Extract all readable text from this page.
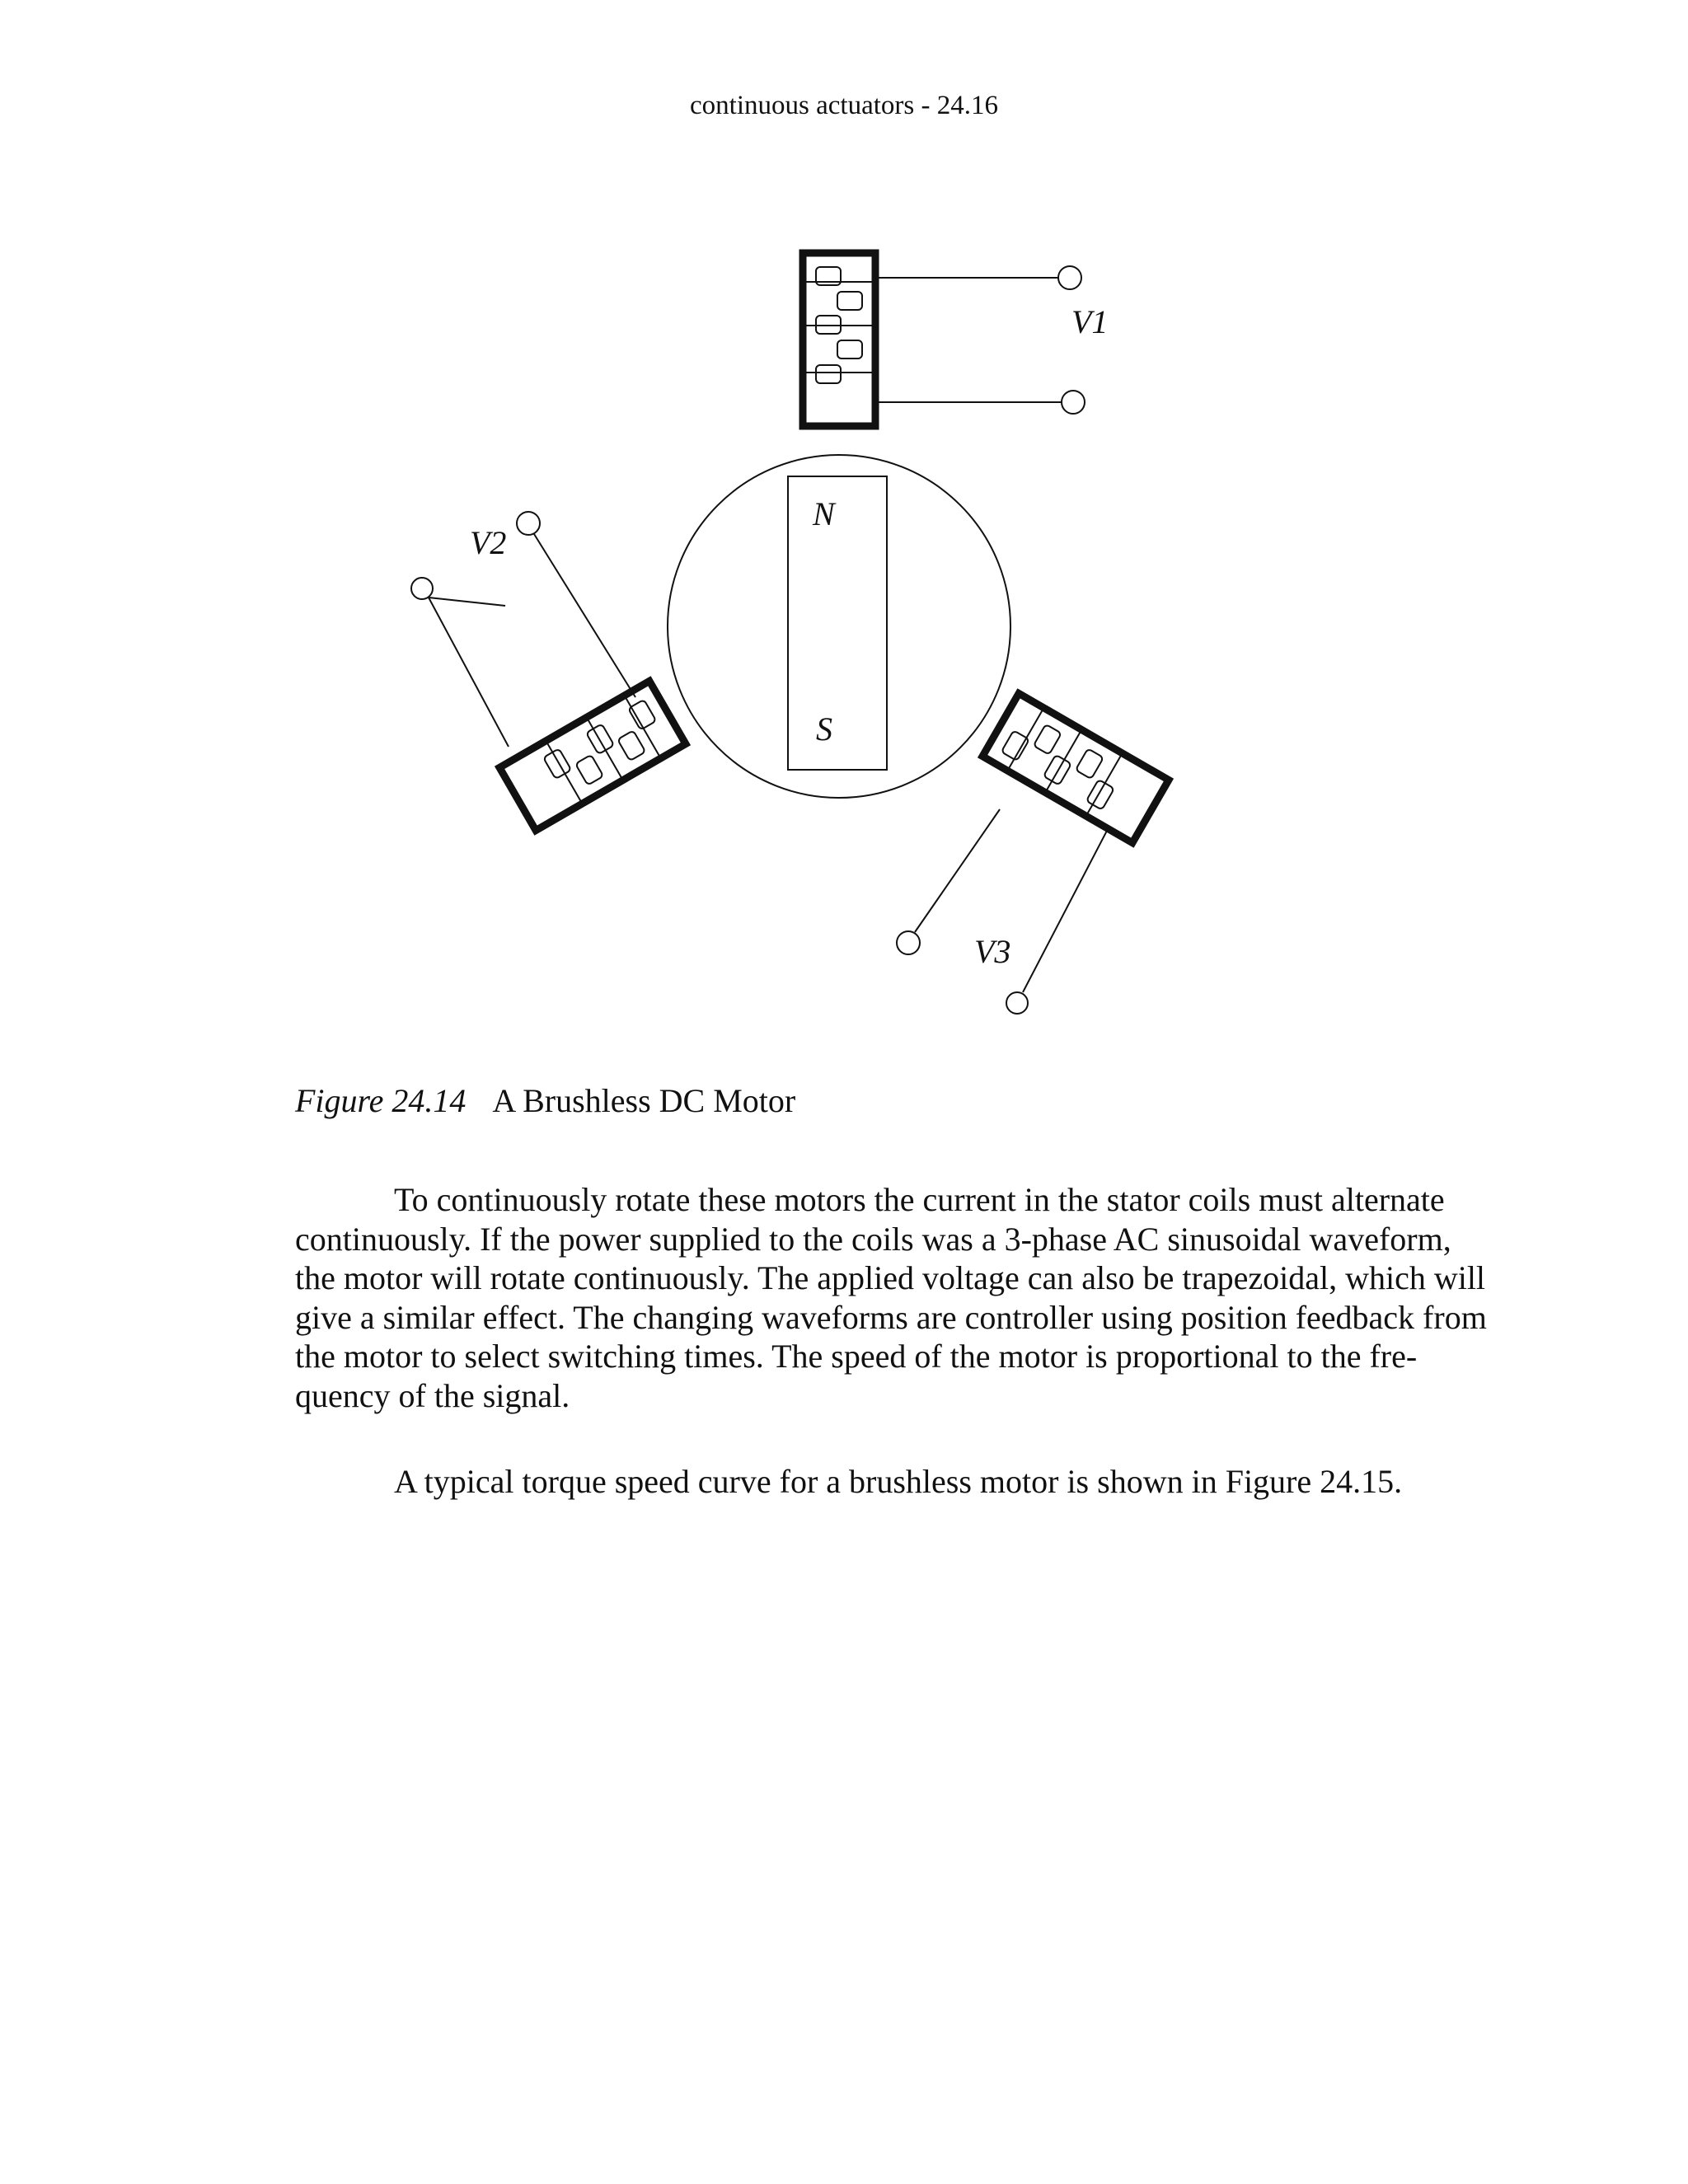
continuous actuators - 24.16
N
S
V1
V2
V3
Figure 24.14 A Brushless DC Motor
To continuously rotate these motors the current in the stator coils must alternate
continuously. If the power supplied to the coils was a 3-phase AC sinusoidal waveform,
the motor will rotate continuously. The applied voltage can also be trapezoidal, which will
give a similar effect. The changing waveforms are controller using position feedback from
the motor to select switching times. The speed of the motor is proportional to the fre-
quency of the signal.
A typical torque speed curve for a brushless motor is shown in Figure 24.15.
